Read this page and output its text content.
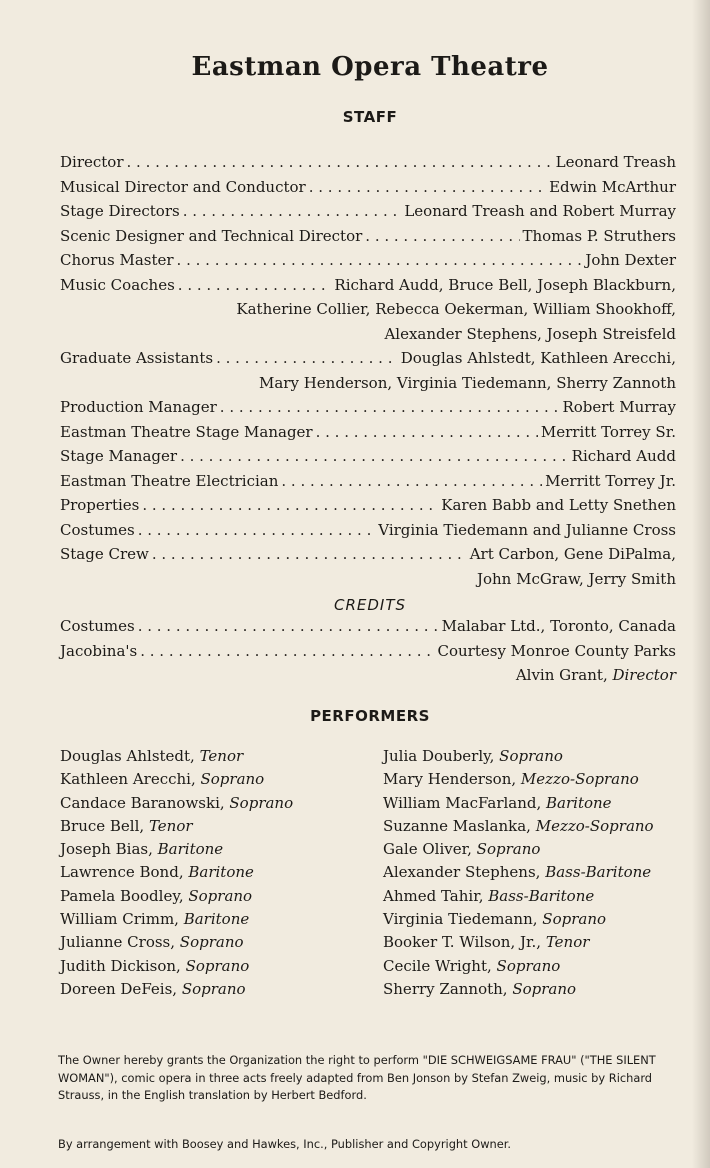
Eastman Opera Theatre
STAFF
Director . . .	Leonard Treash
Musical Director and Conductor . . .	Edwin McArthur
Stage Directors . . .	Leonard Treash and Robert Murray
Scenic Designer and Technical Director . . .	Thomas P. Struthers
Chorus Master . . .	John Dexter
Music Coaches . . .	Richard Audd, Bruce Bell, Joseph Blackburn,
Katherine Collier, Rebecca Oekerman, William Shookhoff,
Alexander Stephens, Joseph Streisfeld
Graduate Assistants . . .	Douglas Ahlstedt, Kathleen Arecchi,
Mary Henderson, Virginia Tiedemann, Sherry Zannoth
Production Manager . . .	Robert Murray
Eastman Theatre Stage Manager . . .	Merritt Torrey Sr.
Stage Manager . . .	Richard Audd
Eastman Theatre Electrician . . .	Merritt Torrey Jr.
Properties . . .	Karen Babb and Letty Snethen
Costumes . . .	Virginia Tiedemann and Julianne Cross
Stage Crew . . .	Art Carbon, Gene DiPalma,
John McGraw, Jerry Smith
CREDITS
Costumes . . .	Malabar Ltd., Toronto, Canada
Jacobina's . . .	Courtesy Monroe County Parks
Alvin Grant, Director
PERFORMERS
Douglas Ahlstedt, Tenor
Kathleen Arecchi, Soprano
Candace Baranowski, Soprano
Bruce Bell, Tenor
Joseph Bias, Baritone
Lawrence Bond, Baritone
Pamela Boodley, Soprano
William Crimm, Baritone
Julianne Cross, Soprano
Judith Dickison, Soprano
Doreen DeFeis, Soprano
Julia Douberly, Soprano
Mary Henderson, Mezzo-Soprano
William MacFarland, Baritone
Suzanne Maslanka, Mezzo-Soprano
Gale Oliver, Soprano
Alexander Stephens, Bass-Baritone
Ahmed Tahir, Bass-Baritone
Virginia Tiedemann, Soprano
Booker T. Wilson, Jr., Tenor
Cecile Wright, Soprano
Sherry Zannoth, Soprano
The Owner hereby grants the Organization the right to perform "DIE SCHWEIGSAME FRAU" ("THE SILENT WOMAN"), comic opera in three acts freely adapted from Ben Jonson by Stefan Zweig, music by Richard Strauss, in the English translation by Herbert Bedford.
By arrangement with Boosey and Hawkes, Inc., Publisher and Copyright Owner.
